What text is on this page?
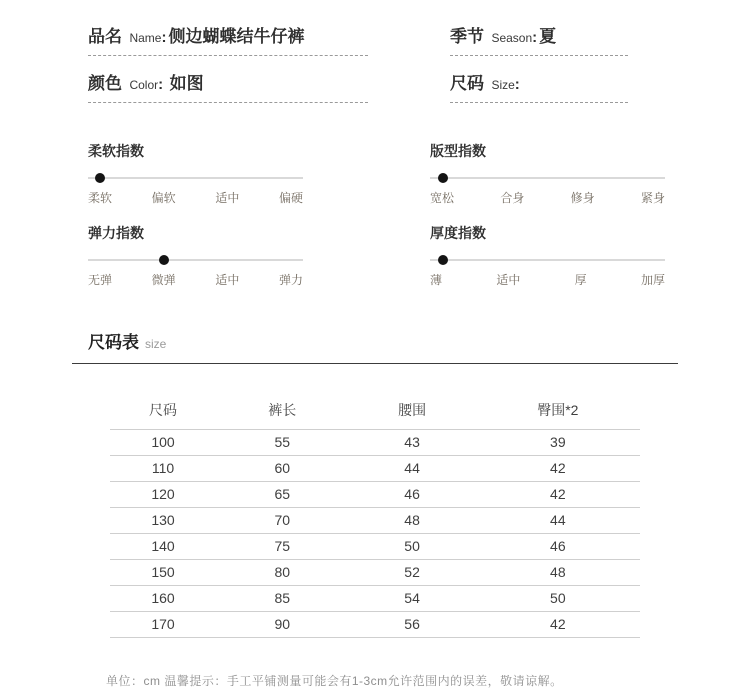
品名 Name: 侧边蝴蝶结牛仔裤	季节 Season: 夏
颜色 Color: 如图	尺码 Size:
柔软指数
柔软	偏软	适中	偏硬
版型指数
宽松	合身	修身	紧身
弹力指数
无弹	微弹	适中	弹力
厚度指数
薄	适中	厚	加厚
尺码表 size
尺码	裤长	腰围	臀围*2
100	55	43	39
110	60	44	42
120	65	46	42
130	70	48	44
140	75	50	46
150	80	52	48
160	85	54	50
170	90	56	42
单位：cm 温馨提示：手工平铺测量可能会有1-3cm允许范围内的误差，敬请谅解。
